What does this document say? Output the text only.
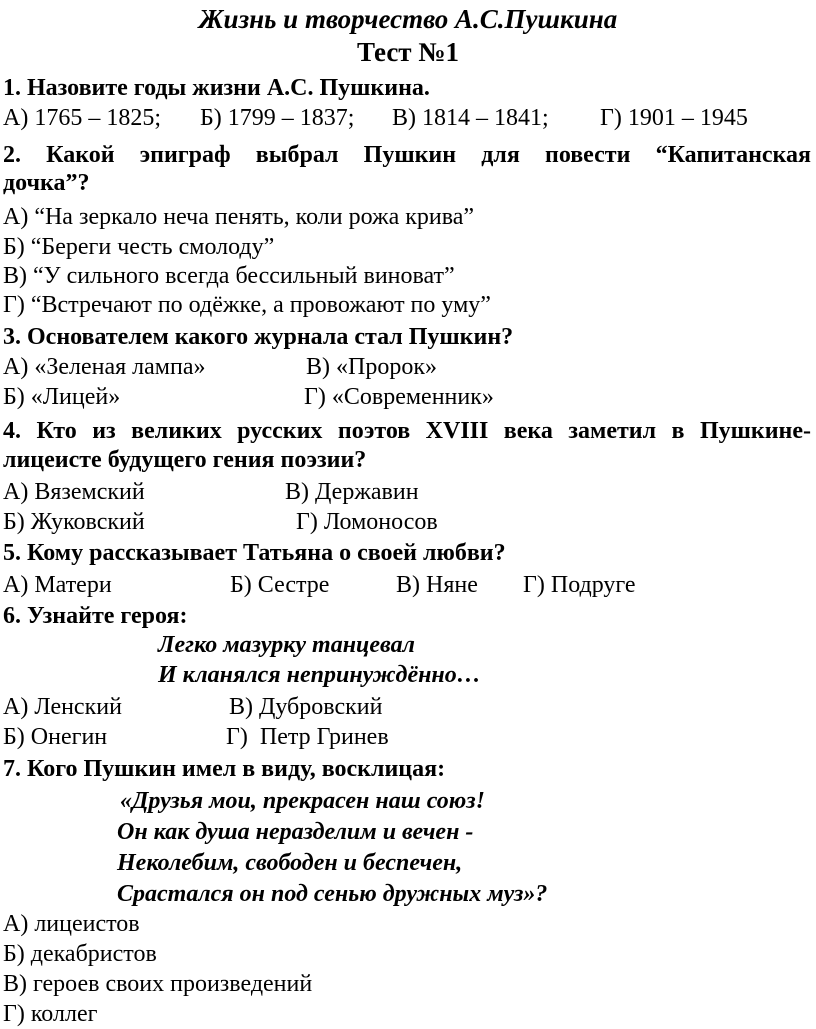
Жизнь и творчество А.С.Пушкина
Тест №1
1. Назовите годы жизни А.С. Пушкина.
А) 1765 – 1825; Б) 1799 – 1837; В) 1814 – 1841; Г) 1901 – 1945
2. Какой эпиграф выбрал Пушкин для повести “Капитанская
дочка”?
А) “На зеркало неча пенять, коли рожа крива”
Б) “Береги честь смолоду”
В) “У сильного всегда бессильный виноват”
Г) “Встречают по одёжке, а провожают по уму”
3. Основателем какого журнала стал Пушкин?
А) «Зеленая лампа»	В) «Пророк»
Б) «Лицей»	Г) «Современник»
4. Кто из великих русских поэтов XVIII века заметил в Пушкине-
лицеисте будущего гения поэзии?
А) Вяземский	В) Державин
Б) Жуковский	Г) Ломоносов
5. Кому рассказывает Татьяна о своей любви?
А) Матери	Б) Сестре	В) Няне Г) Подруге
6. Узнайте героя:
Легко мазурку танцевал
И кланялся непринуждённо…
А) Ленский	В) Дубровский
Б) Онегин	Г)  Петр Гринев
7. Кого Пушкин имел в виду, восклицая:
«Друзья мои, прекрасен наш союз!
Он как душа неразделим и вечен -
Неколебим, свободен и беспечен,
Срастался он под сенью дружных муз»?
А) лицеистов
Б) декабристов
В) героев своих произведений
Г) коллег
